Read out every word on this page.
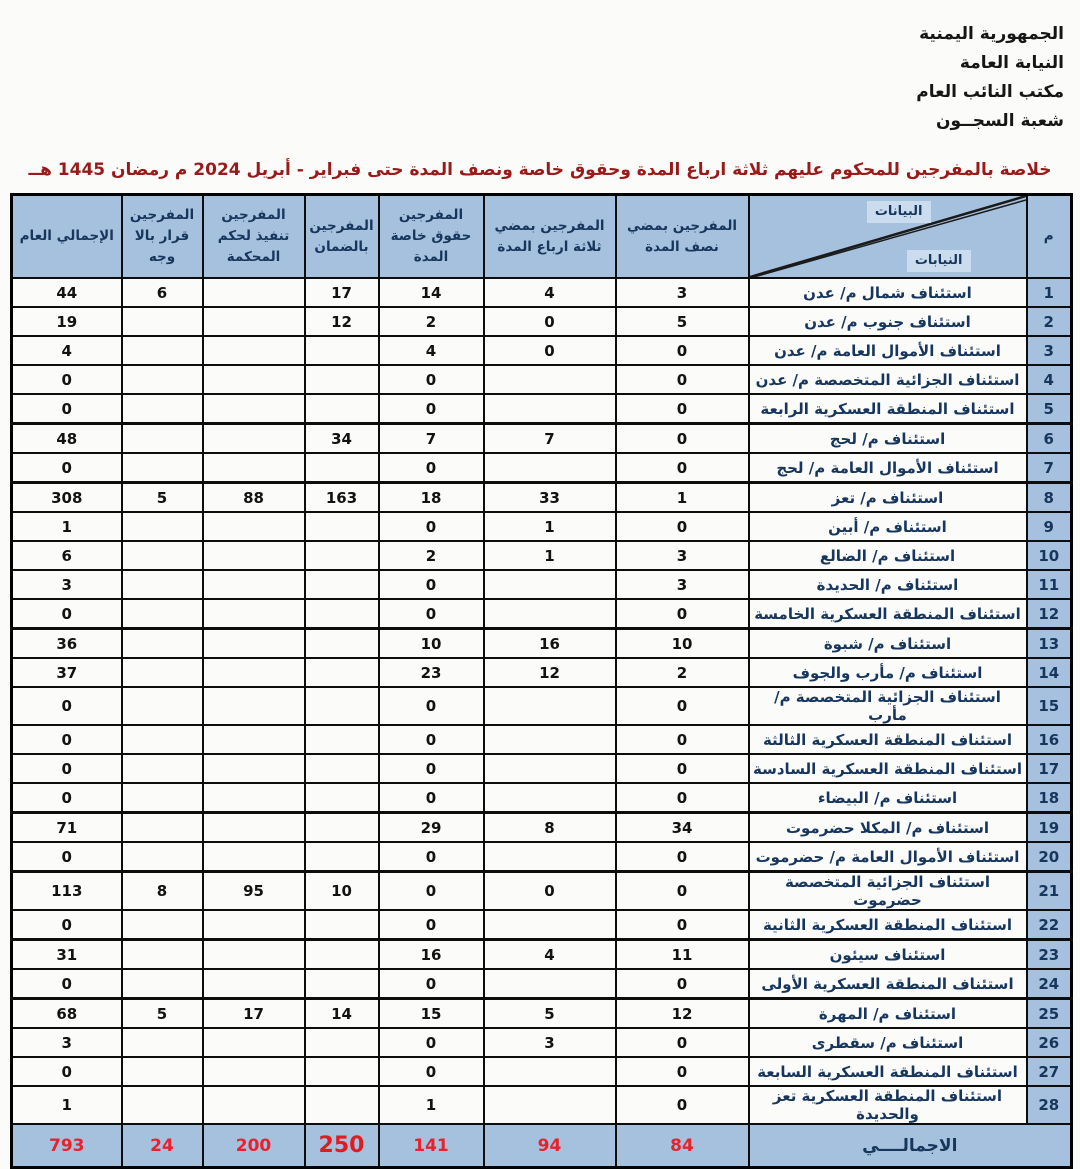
الجمهورية اليمنية
النيابة العامة
مكتب النائب العام
شعبة السجــون
خلاصة بالمفرجين للمحكوم عليهم ثلاثة ارباع المدة وحقوق خاصة ونصف المدة حتى فبراير - أبريل 2024 م رمضان 1445 هــ
م	البيانات
النيابات	المفرجين بمضي نصف المدة	المفرجين بمضي ثلاثة ارباع المدة	المفرجين حقوق خاصة المدة	المفرجين بالضمان	المفرجين تنفيذ لحكم المحكمة	المفرجين قرار بالا وجه	الإجمالي العام
1	استئناف شمال م/ عدن	3	4	14	17		6	44
2	استئناف جنوب م/ عدن	5	0	2	12			19
3	استئناف الأموال العامة م/ عدن	0	0	4				4
4	استئناف الجزائية المتخصصة م/ عدن	0		0				0
5	استئناف المنطقة العسكرية الرابعة	0		0				0
6	استئناف م/ لحج	0	7	7	34			48
7	استئناف الأموال العامة م/ لحج	0		0				0
8	استئناف م/ تعز	1	33	18	163	88	5	308
9	استئناف م/ أبين	0	1	0				1
10	استئناف م/ الضالع	3	1	2				6
11	استئناف م/ الحديدة	3		0				3
12	استئناف المنطقة العسكرية الخامسة	0		0				0
13	استئناف م/ شبوة	10	16	10				36
14	استئناف م/ مأرب والجوف	2	12	23				37
15	استئناف الجزائية المتخصصة م/ مأرب	0		0				0
16	استئناف المنطقة العسكرية الثالثة	0		0				0
17	استئناف المنطقة العسكرية السادسة	0		0				0
18	استئناف م/ البيضاء	0		0				0
19	استئناف م/ المكلا حضرموت	34	8	29				71
20	استئناف الأموال العامة م/ حضرموت	0		0				0
21	استئناف الجزائية المتخصصة حضرموت	0	0	0	10	95	8	113
22	استئناف المنطقة العسكرية الثانية	0		0				0
23	استئناف سيئون	11	4	16				31
24	استئناف المنطقة العسكرية الأولى	0		0				0
25	استئناف م/ المهرة	12	5	15	14	17	5	68
26	استئناف م/ سقطرى	0	3	0				3
27	استئناف المنطقة العسكرية السابعة	0		0				0
28	استئناف المنطقة العسكرية تعز والحديدة	0		1				1
الاجمالــــي		84	94	141	250	200	24	793
